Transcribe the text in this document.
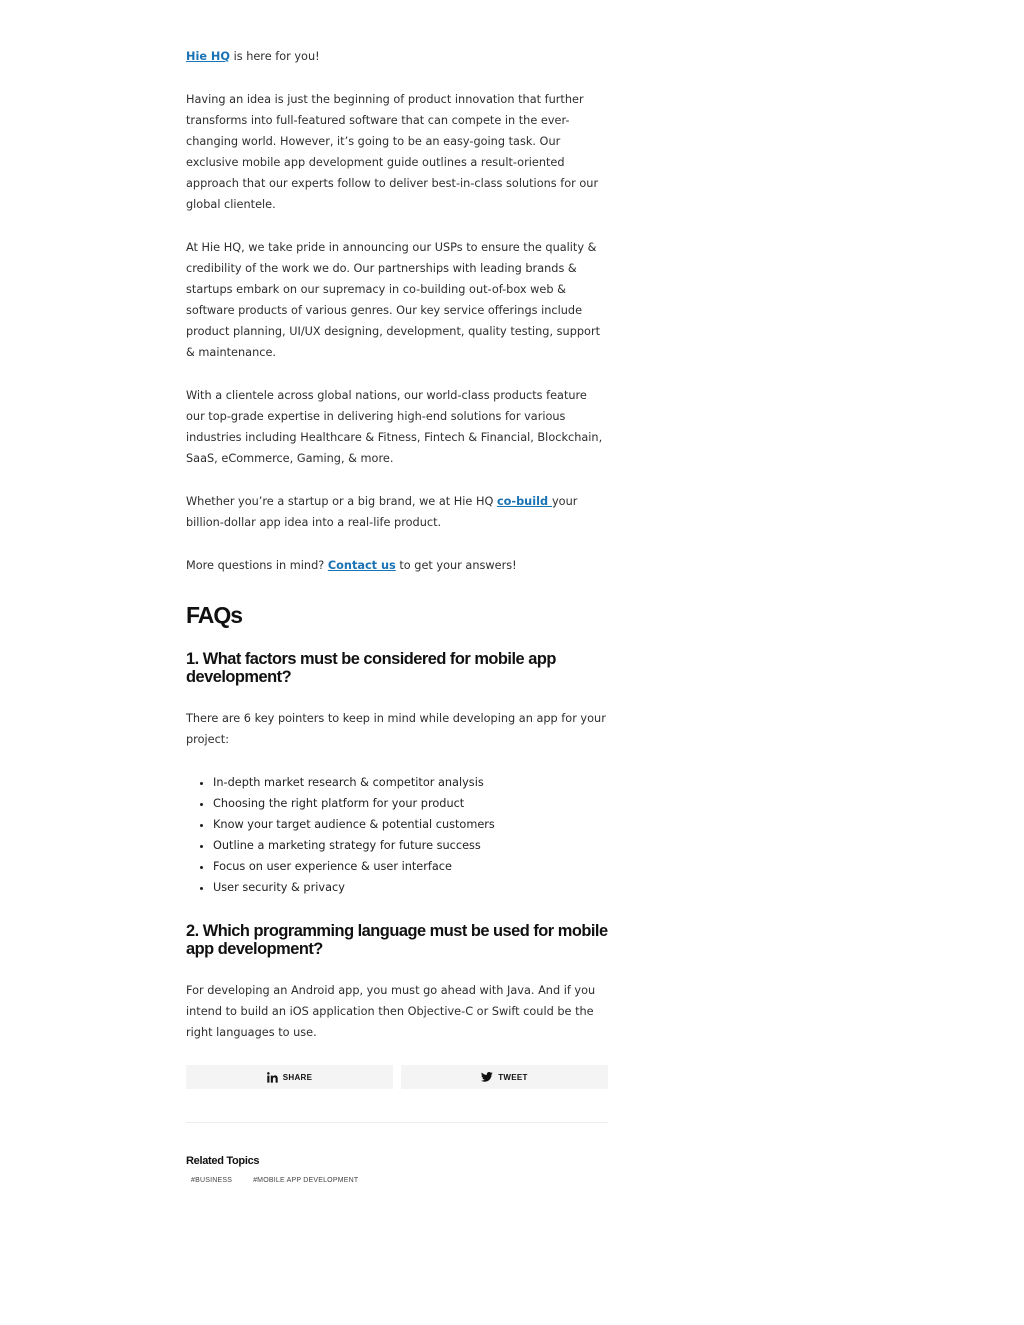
Hie HQ is here for you!

Having an idea is just the beginning of product innovation that further transforms into full-featured software that can compete in the ever-changing world. However, it’s going to be an easy-going task. Our exclusive mobile app development guide outlines a result-oriented approach that our experts follow to deliver best-in-class solutions for our global clientele.

At Hie HQ, we take pride in announcing our USPs to ensure the quality & credibility of the work we do. Our partnerships with leading brands & startups embark on our supremacy in co-building out-of-box web & software products of various genres. Our key service offerings include product planning, UI/UX designing, development, quality testing, support & maintenance.

With a clientele across global nations, our world-class products feature our top-grade expertise in delivering high-end solutions for various industries including Healthcare & Fitness, Fintech & Financial, Blockchain, SaaS, eCommerce, Gaming, & more.

Whether you’re a startup or a big brand, we at Hie HQ co-build your billion-dollar app idea into a real-life product.

More questions in mind? Contact us to get your answers!

FAQs
1. What factors must be considered for mobile app development?

There are 6 key pointers to keep in mind while developing an app for your project:

• In-depth market research & competitor analysis
• Choosing the right platform for your product
• Know your target audience & potential customers
• Outline a marketing strategy for future success
• Focus on user experience & user interface
• User security & privacy
2. Which programming language must be used for mobile app development?

For developing an Android app, you must go ahead with Java. And if you intend to build an iOS application then Objective-C or Swift could be the right languages to use.

SHARE	TWEET
Related Topics
#BUSINESS	#MOBILE APP DEVELOPMENT
